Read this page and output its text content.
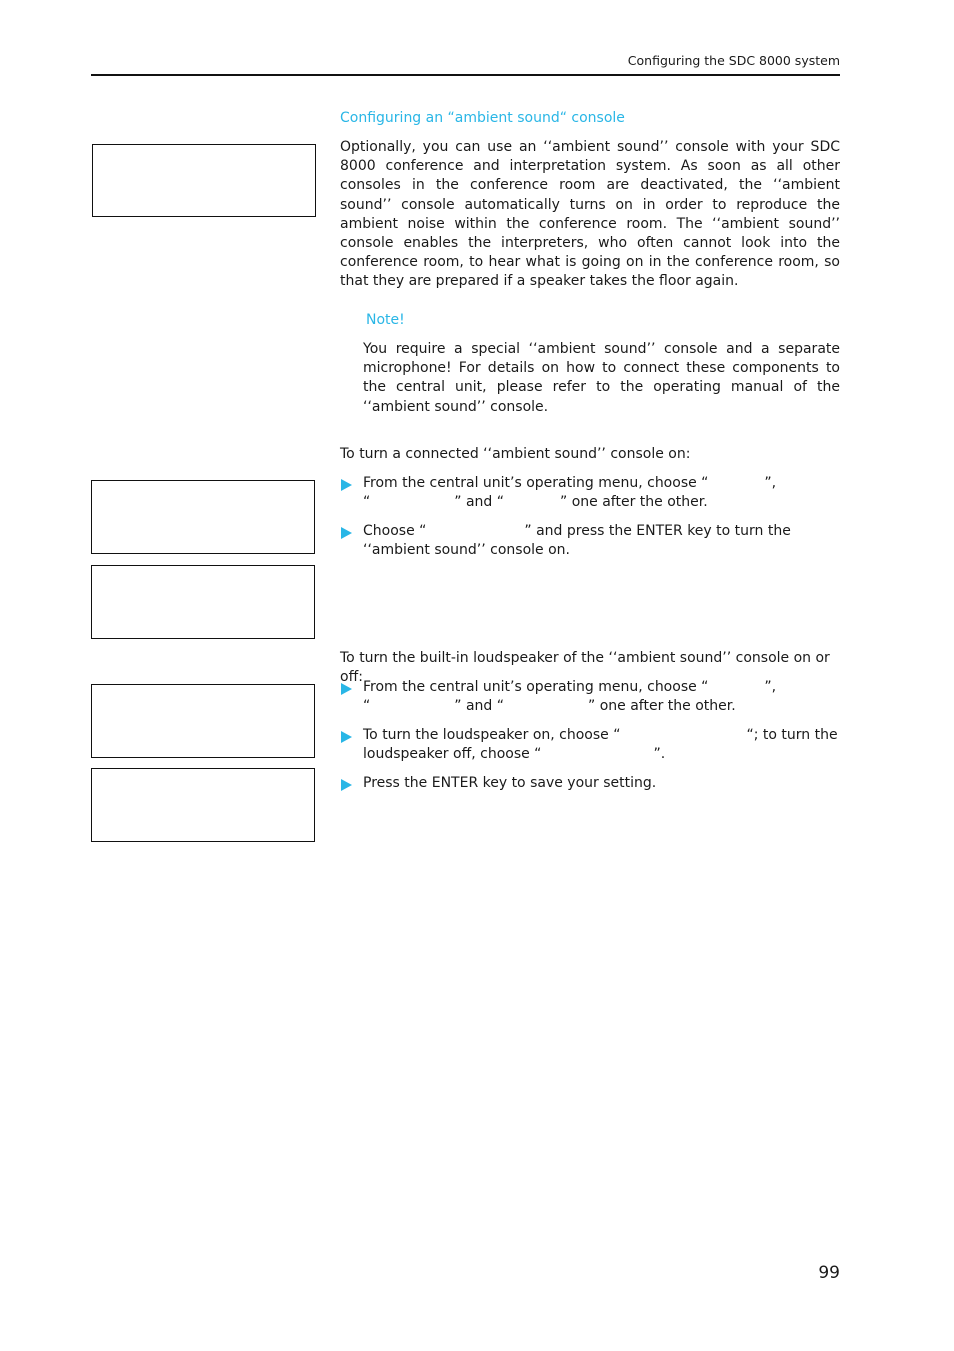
Configuring the SDC 8000 system
Configuring an “ambient sound“ console
Optionally, you can use an ‘‘ambient sound’’ console with your SDC 8000 conference and interpretation system. As soon as all other consoles in the conference room are deactivated, the ‘‘ambient sound’’ console automatically turns on in order to reproduce the ambient noise within the conference room. The ‘‘ambient sound’’ console enables the interpreters, who often cannot look into the conference room, to hear what is going on in the conference room, so that they are prepared if a speaker takes the floor again.
Note!
You require a special ‘‘ambient sound’’ console and a separate microphone! For details on how to connect these components to the central unit, please refer to the operating manual of the ‘‘ambient sound’’ console.
To turn a connected ‘‘ambient sound’’ console on:
From the central unit’s operating menu, choose “    ”, “      ” and “    ” one after the other.
Choose “       ” and press the ENTER key to turn the ‘‘ambient sound’’ console on.
To turn the built-in loudspeaker of the ‘‘ambient sound’’ console on or off:
From the central unit’s operating menu, choose “    ”, “      ” and “      ” one after the other.
To turn the loudspeaker on, choose “         “; to turn the loudspeaker off, choose “        ”.
Press the ENTER key to save your setting.
99
